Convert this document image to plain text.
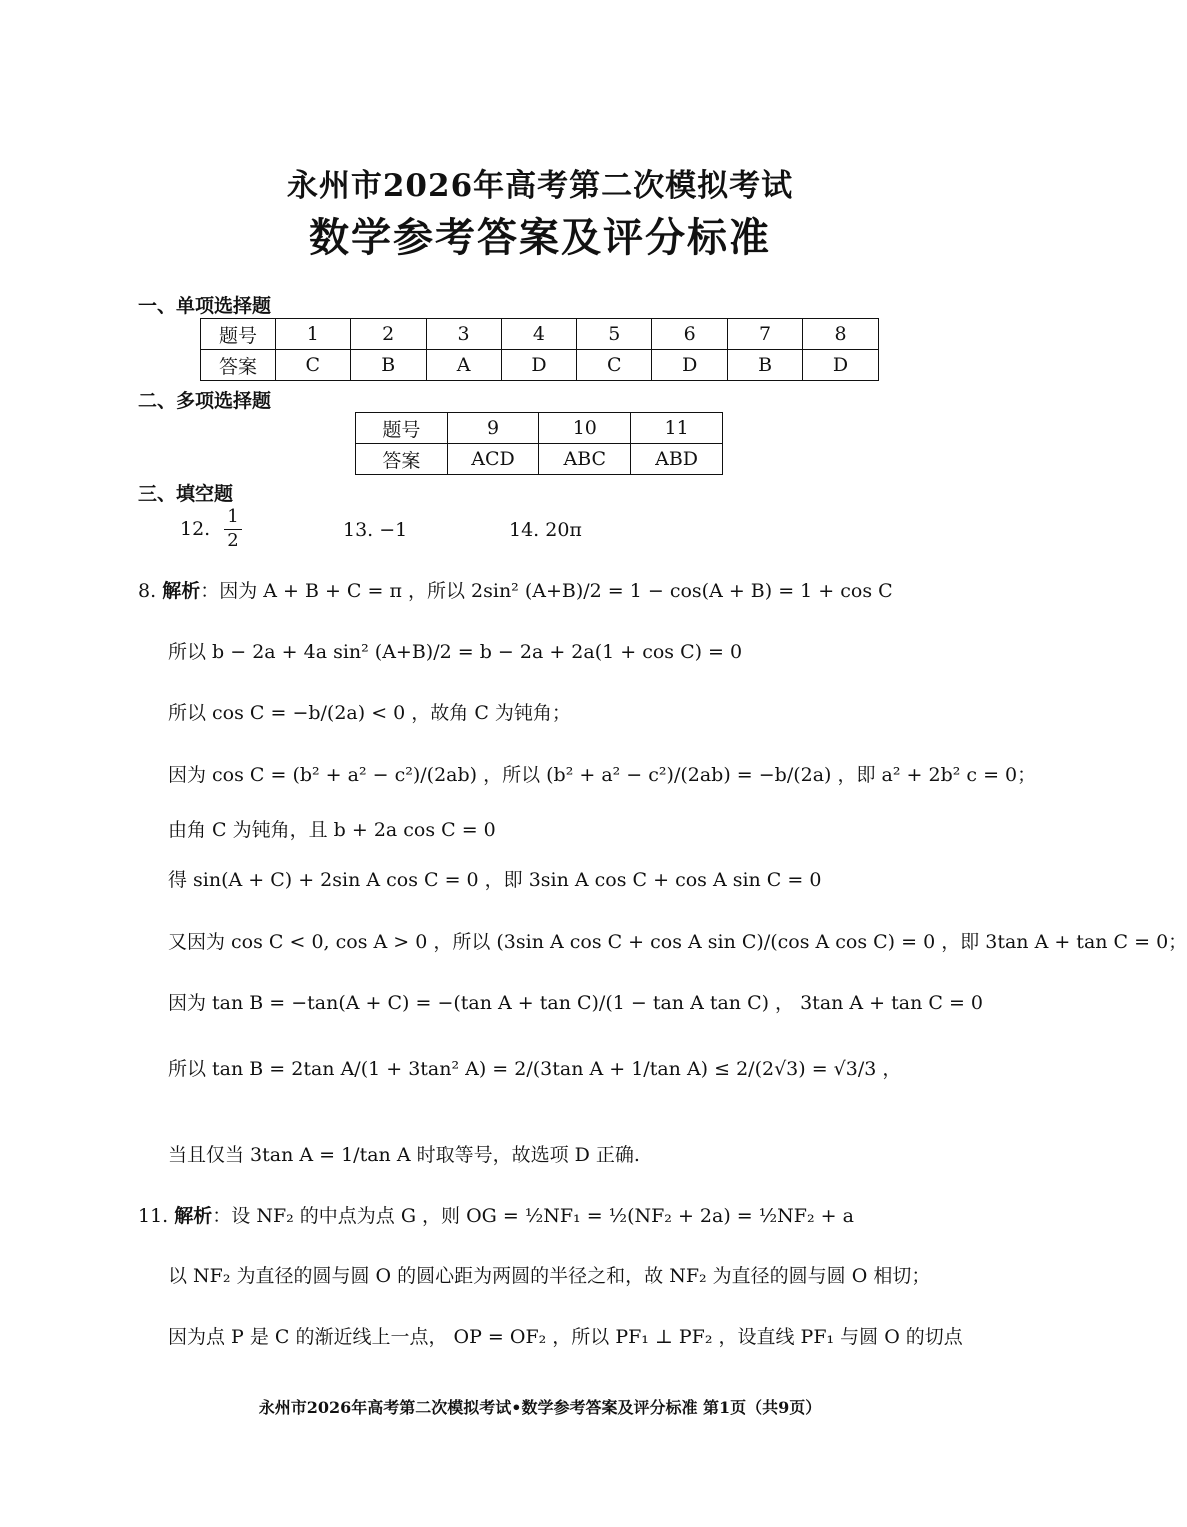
永州市2026年高考第二次模拟考试
数学参考答案及评分标准
一、单项选择题
题号	1	2	3	4	5	6	7	8
答案	C	B	A	D	C	D	B	D
二、多项选择题
题号	9	10	11
答案	ACD	ABC	ABD
三、填空题
12. $\frac{1}{2}$	13. −1	14. 20π
8. 解析：因为 A + B + C = π ，所以 2sin² (A+B)/2 = 1 − cos(A + B) = 1 + cos C
所以 b − 2a + 4a sin² (A+B)/2 = b − 2a + 2a(1 + cos C) = 0
所以 cos C = −b/(2a) < 0 ，故角 C 为钝角；
因为 cos C = (b² + a² − c²)/(2ab) ，所以 (b² + a² − c²)/(2ab) = −b/(2a) ，即 a² + 2b² c = 0；
由角 C 为钝角，且 b + 2a cos C = 0
得 sin(A + C) + 2sin A cos C = 0 ，即 3sin A cos C + cos A sin C = 0
又因为 cos C < 0, cos A > 0 ，所以 (3sin A cos C + cos A sin C)/(cos A cos C) = 0 ，即 3tan A + tan C = 0；
因为 tan B = −tan(A + C) = −(tan A + tan C)/(1 − tan A tan C) ， 3tan A + tan C = 0
所以 tan B = 2tan A/(1 + 3tan² A) = 2/(3tan A + 1/tan A) ≤ 2/(2√3) = √3/3 ，
当且仅当 3tan A = 1/tan A 时取等号，故选项 D 正确.
11. 解析：设 NF₂ 的中点为点 G ，则 OG = ½NF₁ = ½(NF₂ + 2a) = ½NF₂ + a
以 NF₂ 为直径的圆与圆 O 的圆心距为两圆的半径之和，故 NF₂ 为直径的圆与圆 O 相切；
因为点 P 是 C 的渐近线上一点， OP = OF₂ ，所以 PF₁ ⊥ PF₂ ，设直线 PF₁ 与圆 O 的切点
永州市2026年高考第二次模拟考试•数学参考答案及评分标准 第1页（共9页）
